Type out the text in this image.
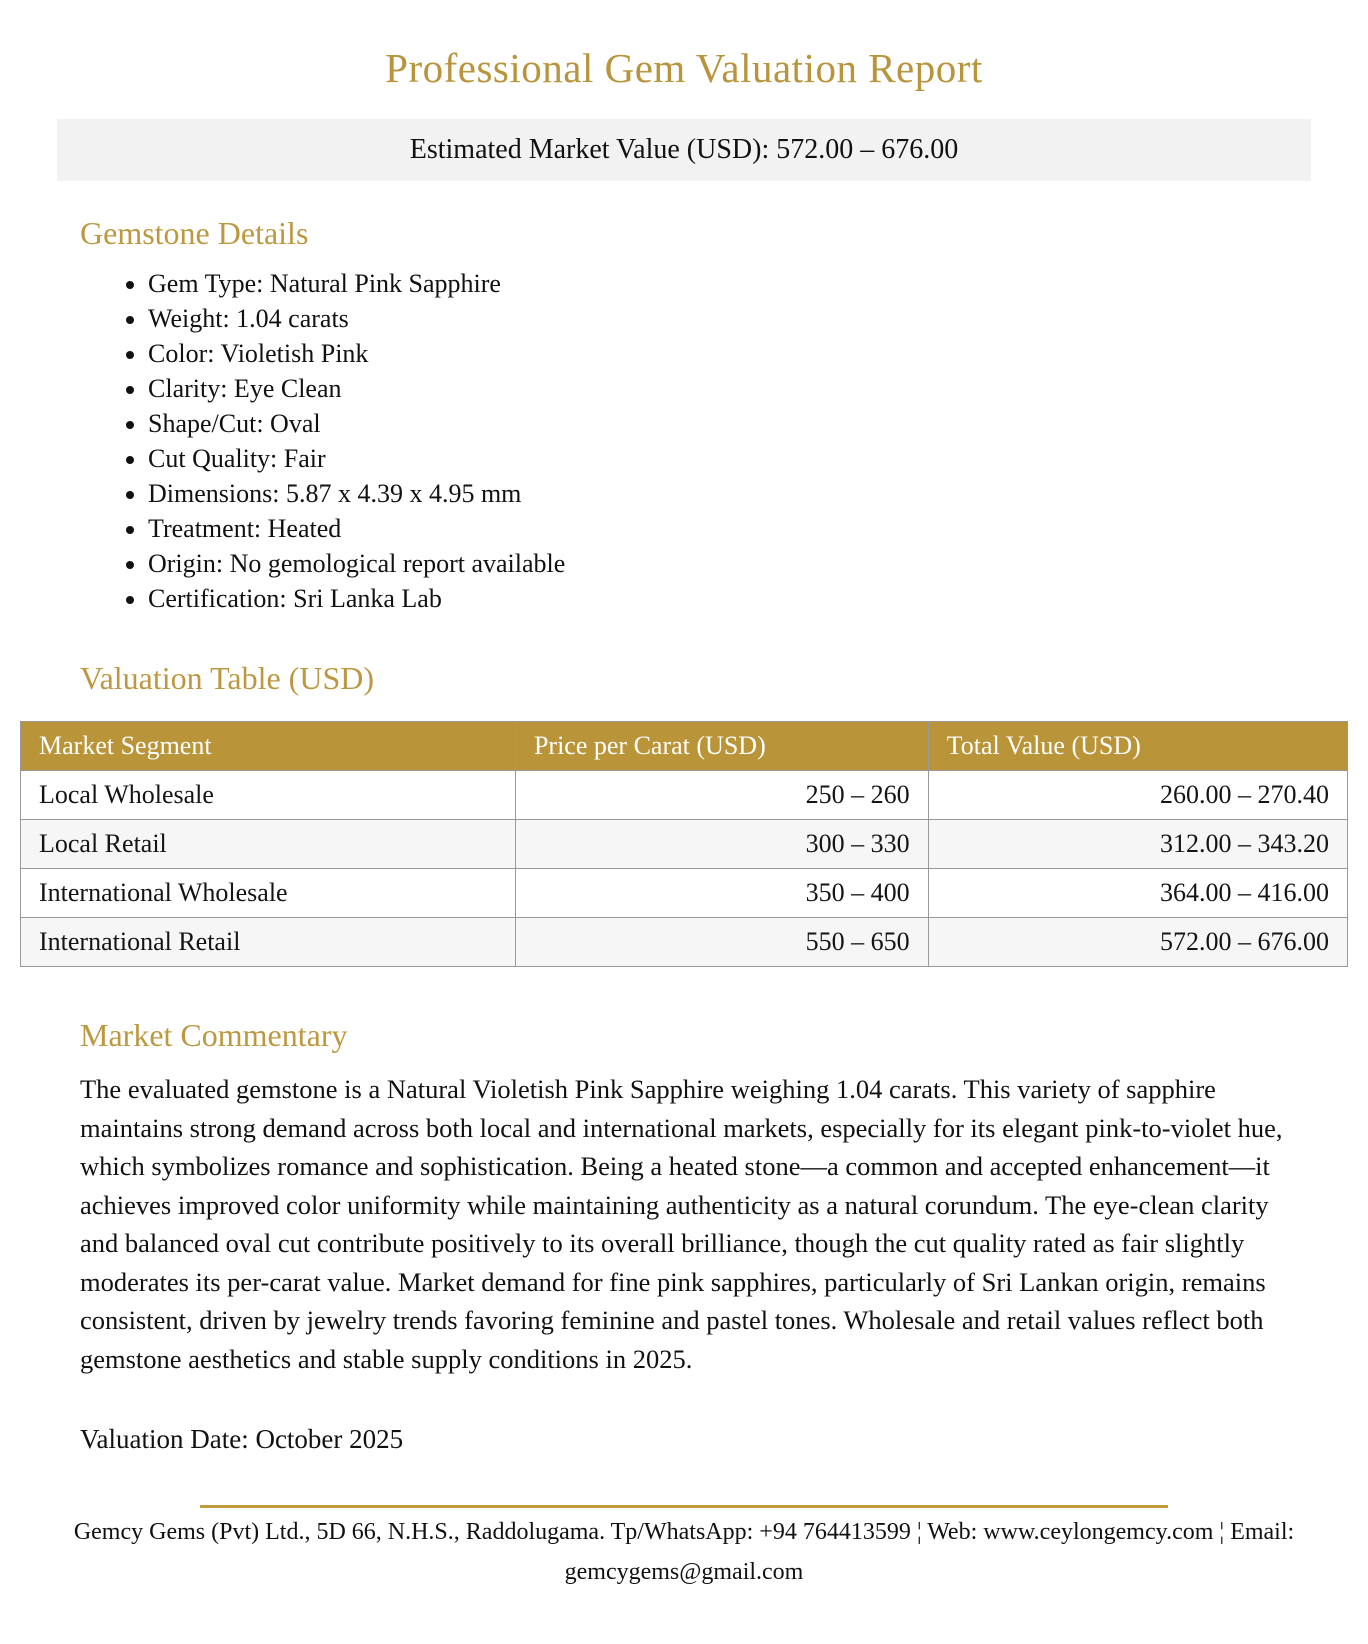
Professional Gem Valuation Report
Estimated Market Value (USD): 572.00 – 676.00
Gemstone Details
• Gem Type: Natural Pink Sapphire
• Weight: 1.04 carats
• Color: Violetish Pink
• Clarity: Eye Clean
• Shape/Cut: Oval
• Cut Quality: Fair
• Dimensions: 5.87 x 4.39 x 4.95 mm
• Treatment: Heated
• Origin: No gemological report available
• Certification: Sri Lanka Lab
Valuation Table (USD)
Market Segment	Price per Carat (USD)	Total Value (USD)
Local Wholesale	250 – 260	260.00 – 270.40
Local Retail	300 – 330	312.00 – 343.20
International Wholesale	350 – 400	364.00 – 416.00
International Retail	550 – 650	572.00 – 676.00
Market Commentary

The evaluated gemstone is a Natural Violetish Pink Sapphire weighing 1.04 carats. This variety of sapphire maintains strong demand across both local and international markets, especially for its elegant pink-to-violet hue, which symbolizes romance and sophistication. Being a heated stone—a common and accepted enhancement—it achieves improved color uniformity while maintaining authenticity as a natural corundum. The eye-clean clarity and balanced oval cut contribute positively to its overall brilliance, though the cut quality rated as fair slightly moderates its per-carat value. Market demand for fine pink sapphires, particularly of Sri Lankan origin, remains consistent, driven by jewelry trends favoring feminine and pastel tones. Wholesale and retail values reflect both gemstone aesthetics and stable supply conditions in 2025.

Valuation Date: October 2025
Gemcy Gems (Pvt) Ltd., 5D 66, N.H.S., Raddolugama. Tp/WhatsApp: +94 764413599 ¦ Web: www.ceylongemcy.com ¦ Email:
gemcygems@gmail.com
